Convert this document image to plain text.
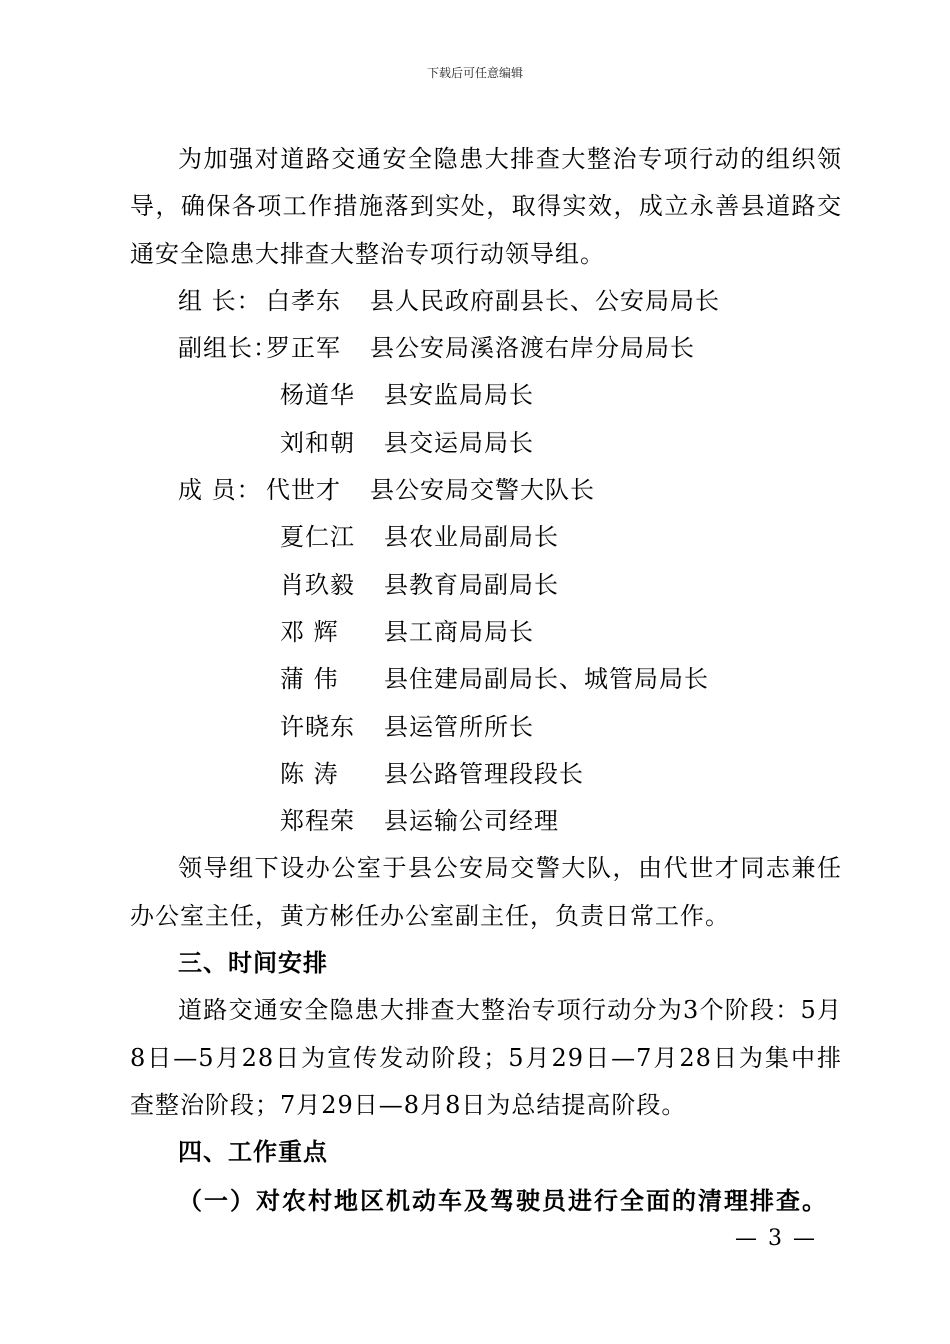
下载后可任意编辑

为加强对道路交通安全隐患大排查大整治专项行动的组织领导，确保各项工作措施落到实处，取得实效，成立永善县道路交通安全隐患大排查大整治专项行动领导组。

组 长： 白孝东 县人民政府副县长、公安局局长
副组长：罗正军 县公安局溪洛渡右岸分局局长
杨道华 县安监局局长
刘和朝 县交运局局长
成 员： 代世才 县公安局交警大队长
夏仁江 县农业局副局长
肖玖毅 县教育局副局长
邓 辉 县工商局局长
蒲 伟 县住建局副局长、城管局局长
许晓东 县运管所所长
陈 涛 县公路管理段段长
郑程荣 县运输公司经理

领导组下设办公室于县公安局交警大队，由代世才同志兼任办公室主任，黄方彬任办公室副主任，负责日常工作。

三、时间安排

道路交通安全隐患大排查大整治专项行动分为3个阶段：5月8日—5月28日为宣传发动阶段；5月29日—7月28日为集中排查整治阶段；7月29日—8月8日为总结提高阶段。

四、工作重点

（一）对农村地区机动车及驾驶员进行全面的清理排查。

— 3 —
